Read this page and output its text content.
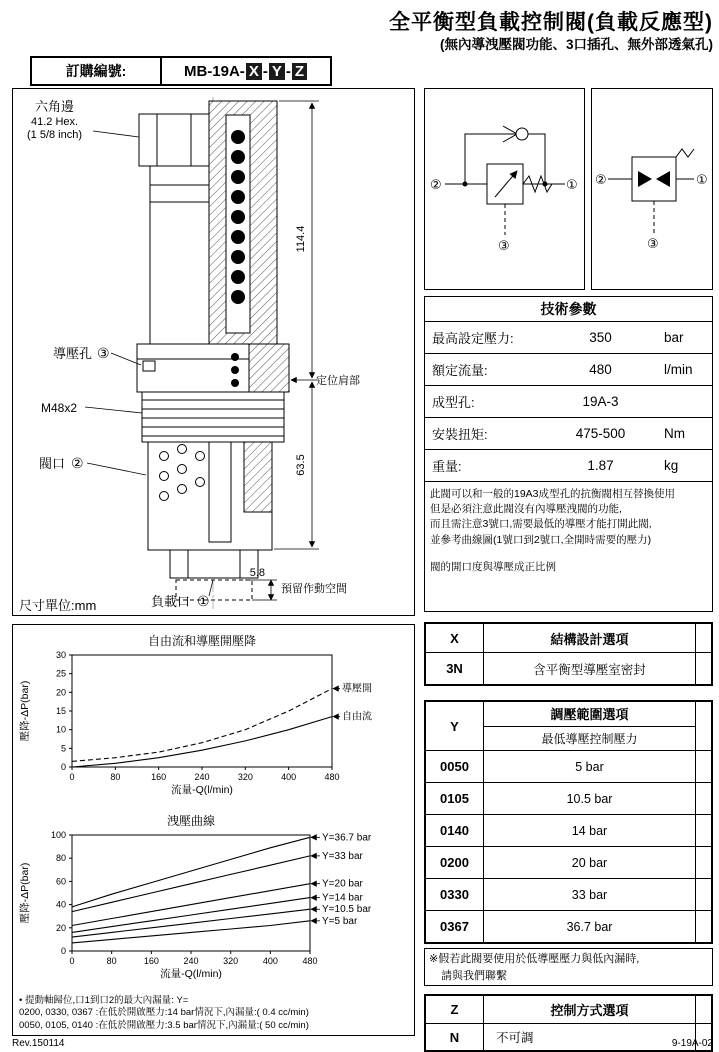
全平衡型負載控制閥(負載反應型)
(無內導洩壓閥功能、3口插孔、無外部透氣孔)
訂購編號:	MB-19A- X - Y - Z
六角邊
41.2 Hex.
(1 5/8 inch)
導壓孔 ③
M48x2
閥口 ②
負載口 ①
定位肩部
5.8
預留作動空間
尺寸單位:mm
114.4
63.5
②	①
③
②	①
③
技術參數
最高設定壓力:	350	bar
額定流量:	480	l/min
成型孔:	19A-3
安裝扭矩:	475-500	Nm
重量:	1.87	kg
此閥可以和一般的19A3成型孔的抗衡閥相互替換使用
但是必須注意此閥沒有內導壓洩閥的功能,
而且需注意3號口,需要最低的導壓才能打開此閥,
並參考曲線圖(1號口到2號口,全開時需要的壓力)
閥的開口度與導壓成正比例
自由流和導壓開壓降
0	80	160	240	320	400	480
0
5
10
15
20
25
30
流量-Q(l/min)
壓降-ΔP(bar)	導壓開
自由流
洩壓曲線
0	80	160	240	320	400	480
0
20
40
60
80
100
流量-Q(l/min)
壓降-ΔP(bar)
Y=36.7 bar
Y=33 bar
Y=20 bar
Y=14 bar
Y=10.5 bar
Y=5 bar
• 提動軸歸位,口1到口2的最大內漏量: Y=
0200, 0330, 0367 :在低於開啟壓力:14 bar情況下,內漏量:( 0.4 cc/min)
0050, 0105, 0140 :在低於開啟壓力:3.5 bar情況下,內漏量:( 50 cc/min)
X	結構設計選項
3N	含平衡型導壓室密封
Y
調壓範圍選項
最低導壓控制壓力
0050	5 bar
0105	10.5 bar
0140	14 bar
0200	20 bar
0330	33 bar
0367	36.7 bar
※假若此閥要使用於低導壓壓力與低內漏時,
請與我們聯繫
Z	控制方式選項
N	不可調
Rev.150114	9-19A-02
